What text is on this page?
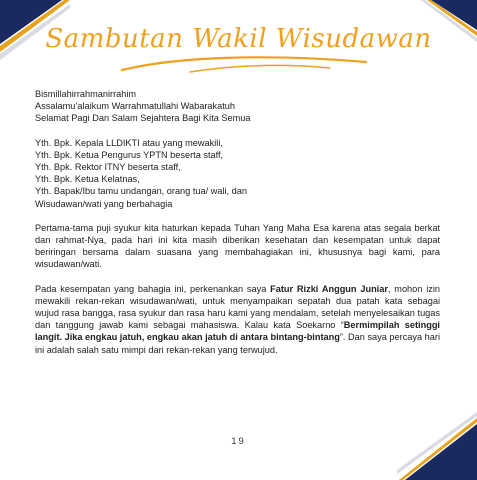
Sambutan Wakil Wisudawan

Bismillahirrahmanirrahim
Assalamu’alaikum Warrahmatullahi Wabarakatuh
Selamat Pagi Dan Salam Sejahtera Bagi Kita Semua

Yth. Bpk. Kepala LLDIKTI atau yang mewakili,
Yth. Bpk. Ketua Pengurus YPTN beserta staff,
Yth. Bpk. Rektor ITNY beserta staff,
Yth. Bpk. Ketua Kelatnas,
Yth. Bapak/Ibu tamu undangan, orang tua/ wali, dan
Wisudawan/wati yang berbahagia

Pertama-tama puji syukur kita haturkan kepada Tuhan Yang Maha Esa karena atas segala berkat dan rahmat-Nya, pada hari ini kita masih diberikan kesehatan dan kesempatan untuk dapat beriringan bersama dalam suasana yang membahagiakan ini, khususnya bagi kami, para wisudawan/wati.

Pada kesempatan yang bahagia ini, perkenankan saya Fatur Rizki Anggun Juniar, mohon izin mewakili rekan-rekan wisudawan/wati, untuk menyampaikan sepatah dua patah kata sebagai wujud rasa bangga, rasa syukur dan rasa haru kami yang mendalam, setelah menyelesaikan tugas dan tanggung jawab kami sebagai mahasiswa. Kalau kata Soekarno “Bermimpilah setinggi langit. Jika engkau jatuh, engkau akan jatuh di antara bintang-bintang”. Dan saya percaya hari ini adalah salah satu mimpi dari rekan-rekan yang terwujud.

19
